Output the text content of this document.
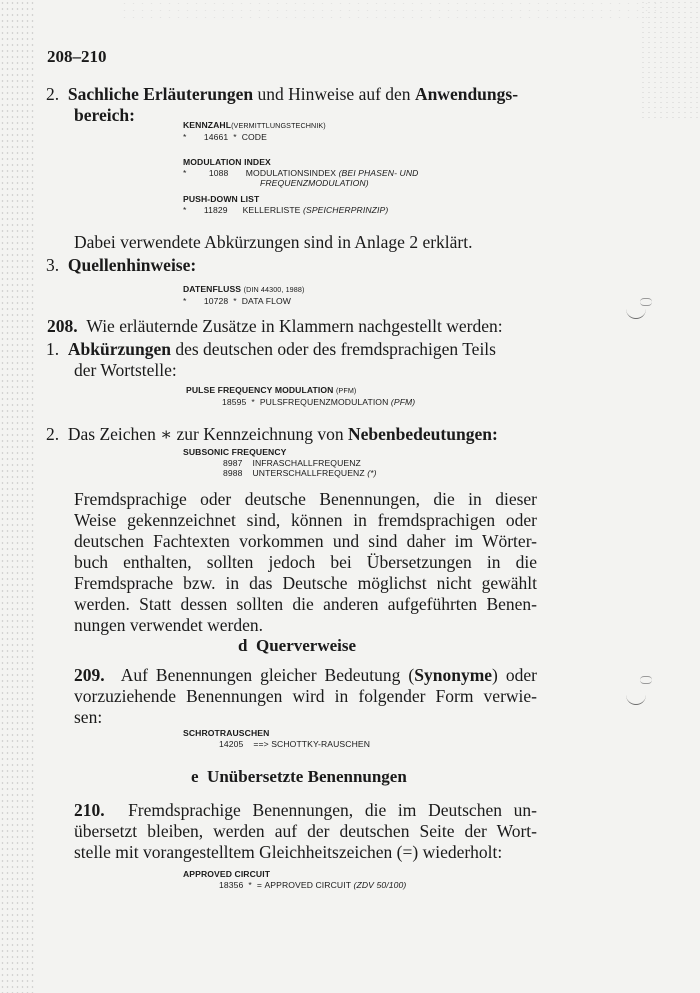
208–210
2. Sachliche Erläuterungen und Hinweise auf den Anwendungs-
bereich:	KENNZAHL(VERMITTLUNGSTECHNIK)
* 14661 * CODE
MODULATION INDEX
*	1088 MODULATIONSINDEX (BEI PHASEN- UND
FREQUENZMODULATION)
PUSH-DOWN LIST
* 11829 KELLERLISTE (SPEICHERPRINZIP)
Dabei verwendete Abkürzungen sind in Anlage 2 erklärt.
3. Quellenhinweise:
DATENFLUSS (DIN 44300, 1988)
* 10728 * DATA FLOW
208. Wie erläuternde Zusätze in Klammern nachgestellt werden:
1. Abkürzungen des deutschen oder des fremdsprachigen Teils
der Wortstelle:
PULSE FREQUENCY MODULATION (PFM)
18595 * PULSFREQUENZMODULATION (PFM)
2. Das Zeichen ∗ zur Kennzeichnung von Nebenbedeutungen:
SUBSONIC FREQUENCY
8987 INFRASCHALLFREQUENZ
8988 UNTERSCHALLFREQUENZ (*)
Fremdsprachige oder deutsche Benennungen, die in dieser
Weise gekennzeichnet sind, können in fremdsprachigen oder
deutschen Fachtexten vorkommen und sind daher im Wörter-
buch enthalten, sollten jedoch bei Übersetzungen in die
Fremdsprache bzw. in das Deutsche möglichst nicht gewählt
werden. Statt dessen sollten die anderen aufgeführten Benen-
nungen verwendet werden.
d Querverweise
209. Auf Benennungen gleicher Bedeutung (Synonyme) oder
vorzuziehende Benennungen wird in folgender Form verwie-
sen:
SCHROTRAUSCHEN
14205 ==> SCHOTTKY-RAUSCHEN
e Unübersetzte Benennungen
210. Fremdsprachige Benennungen, die im Deutschen un-
übersetzt bleiben, werden auf der deutschen Seite der Wort-
stelle mit vorangestelltem Gleichheitszeichen (=) wiederholt:
APPROVED CIRCUIT
18356 * = APPROVED CIRCUIT (ZDV 50/100)
